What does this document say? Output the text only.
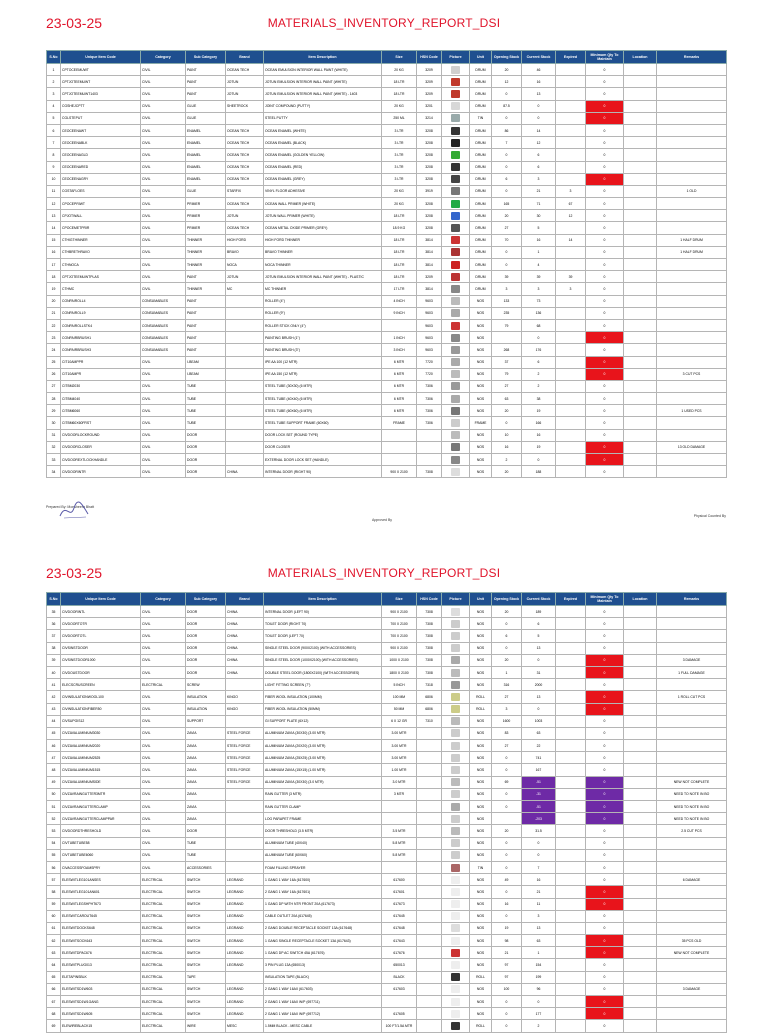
23-03-25	MATERIALS_INVENTORY_REPORT_DSI
S.No	Unique Item Code	Category	Sub Category	Brand	Item Description	Size	HSN Code	Picture	Unit	Opening Stock	Current Stock	Expired	Minimum Qty To Maintain	Location	Remarks
1	CPTOCEEMUWT	CIVIL	PAINT	OCEAN TECH	OCEAN EMULSION INTERIOR WALL PAINT (WHITE)	20 KG	3209		DRUM	20	46		0		
2	CPTJOTEEMUWT	CIVIL	PAINT	JOTUN	JOTUN EMULSION INTERIOR WALL PAINT (WHITE)	18 LTR	3209		DRUM	12	16		0		
3	CPTJOTEEMUWT1403	CIVIL	PAINT	JOTUN	JOTUN EMULSION INTERIOR WALL PAINT (WHITE) - 1403	18 LTR	3209		DRUM	0	13		0		
4	CGSHEJCPTT	CIVIL	GLUE	SHEETROCK	JOINT COMPOUND (PUTTY)	20 KG	3201		DRUM	87.5	0		0		
5	CGLSTEPUT	CIVIL	GLUE		STEEL PUTTY	250 ML	3214		TIN	0	0		0		
6	CEOCEENAWT	CIVIL	ENAMEL	OCEAN TECH	OCEAN ENAMEL (WHITE)	3 LTR	3208		DRUM	86	14		0		
7	CEOCEENABLK	CIVIL	ENAMEL	OCEAN TECH	OCEAN ENAMEL (BLACK)	3 LTR	3208		DRUM	7	12		0		
8	CEOCEENAGLD	CIVIL	ENAMEL	OCEAN TECH	OCEAN ENAMEL (GOLDEN YELLOW)	3 LTR	3208		DRUM	0	6		0		
9	CEOCEENARED	CIVIL	ENAMEL	OCEAN TECH	OCEAN ENAMEL (RED)	3 LTR	3208		DRUM	0	6		0		
10	CEOCEENAGRY	CIVIL	ENAMEL	OCEAN TECH	OCEAN ENAMEL (GREY)	3 LTR	3208		DRUM	6	3		0		
11	CGSTAFLOES	CIVIL	GLUE	STARFIX	VINYL FLOOR ADHESIVE	20 KG	3919		DRUM	0	21	3	0		1 OLD
12	CPOCEPRIWT	CIVIL	PRIMER	OCEAN TECH	OCEAN WALL PRIMER (WHITE)	20 KG	3208		DRUM	165	71	67	0		
13	CPJOTWALL	CIVIL	PRIMER	JOTUN	JOTUN WALL PRIMER (WHITE)	18 LTR	3208		DRUM	20	30	12	0		
14	CPOCEMETPRIR	CIVIL	PRIMER	OCEAN TECH	OCEAN METAL OXIDE PRIMER (GREY)	18.9 KG	3208		DRUM	27	5		0		
15	CTHIGTHINNER	CIVIL	THINNER	HIGH FORD	HIGH FORD THINNER	18 LTR	3814		DRUM	70	16	14	0		1 HALF DRUM
16	CTHBRETHRAVO	CIVIL	THINNER	BRAVO	BRAVO THINNER	18 LTR	3814		DRUM	0	1		0		1 HALF DRUM
17	CTHNOCA	CIVIL	THINNER	NOCA	NOCA THINNER	18 LTR	3814		DRUM	0	4		0		
18	CPTJOTEEMUWTPLAS	CIVIL	PAINT	JOTUN	JOTUN EMULSION INTERIOR WALL PAINT (WHITE) - PLASTIC	18 LTR	3209		DRUM	39	39	39	0		
19	CTHMC	CIVIL	THINNER	MC	MC THINNER	17 LTR	3814		DRUM	3	3	3	0		
20	CONPAIROLL4	CONSUMABLES	PAINT		ROLLER (4")	4 INCH	9603		NOS	133	73		0		
21	CONPAIROLL9	CONSUMABLES	PAINT		ROLLER (9")	9 INCH	9603		NOS	235	136		0		
22	CONPAIROLLSTK4	CONSUMABLES	PAINT		ROLLER STICK ONLY (4")		9603		NOS	79	68		0		
23	CONPAIRBRUSH1	CONSUMABLES	PAINT		PAINTING BRUSH (1")	1 INCH	9603		NOS		0		0		
24	CONPAIRBRUSH3	CONSUMABLES	PAINT		PAINTING BRUSH (3")	3 INCH	9603		NOS	268	176		0		
25	CIT10AMPPR	CIVIL	I-BEAM		IPE AA 100 (12 MTR)	6 MTR	7720		NOS	37	6		0		
26	CIT10AMPR	CIVIL	I-BEAM		IPE AA 150 (12 MTR)	6 MTR	7720		NOS	79	2		0		3 CUT PCS
27	CITBM2030	CIVIL	TUBE		STEEL TUBE (30X30) (6 MTR)	6 MTR	7306		NOS	27	2		0		
28	CITBM4040	CIVIL	TUBE		STEEL TUBE (40X40) (6 MTR)	6 MTR	7306		NOS	63	38		0		
29	CITBM6060	CIVIL	TUBE		STEEL TUBE (60X60) (6 MTR)	6 MTR	7306		NOS	20	19		0		1 USED PCS
30	CITBM60X60FRST	CIVIL	TUBE		STEEL TUBE SUPPORT FRAME (60X60)	FRAME	7306		FRAME	0	166		0		
31	CIVDOORLOCKROUND	CIVIL	DOOR		DOOR LOCK SET (ROUND TYPE)				NOS	10	16		0		
32	CIVDOORCLOSER	CIVIL	DOOR		DOOR CLOSER				NOS	16	19		0		13 OLD DAMAGE
33	CIVDOOREXTLOCKHANDLE	CIVIL	DOOR		EXTERNAL DOOR LOCK SET (HANDLE)				NOS	2	0		0		
34	CIVDOORINTR	CIVIL	DOOR	CHINA	INTERNAL DOOR (RIGHT 90)	900 X 2100	7308		NOS	20	188		0		
Prepared By: Monsheera Bhatt
Approved By
Physical Counted By
23-03-25	MATERIALS_INVENTORY_REPORT_DSI
S.No	Unique Item Code	Category	Sub Category	Brand	Item Description	Size	HSN Code	Picture	Unit	Opening Stock	Current Stock	Expired	Minimum Qty To Maintain	Location	Remarks
35	CIVDOORINTL	CIVIL	DOOR	CHINA	INTERNAL DOOR (LEFT 90)	900 X 2100	7308		NOS	20	189		0		
36	CIVDOORTOTR	CIVIL	DOOR	CHINA	TOILET DOOR (RIGHT 70)	700 X 2100	7308		NOS	0	6		0		
37	CIVDOORTOTL	CIVIL	DOOR	CHINA	TOILET DOOR (LEFT 70)	700 X 2100	7308		NOS	6	5		0		
38	CIVSINSTDOOR	CIVIL	DOOR	CHINA	SINGLE STEEL DOOR (900X2100) (WITH ACCESSORIES)	900 X 2100	7308		NOS	0	13		0		
39	CIVSINSTDOOR1000	CIVIL	DOOR	CHINA	SINGLE STEEL DOOR (1000X2100) (WITH ACCESSORIES)	1000 X 2100	7308		NOS	20	0		0		3 DAMAGE
40	CIVDOUSTDOOR	CIVIL	DOOR	CHINA	DOUBLE STEEL DOOR (1800X2100) (WITH ACCESSORIES)	1800 X 2100	7308		NOS	1	31		0		1 FULL DAMAGE
41	ELECSCRUSCREEN	ELECTRICAL	SCREW		LIGHT FITTING SCREEN (7")	5 INCH	7318		NOS	316	2000		0		
42	CIVINSULATIONWOOL100	CIVIL	INSULATION	KINGO	FIBER WOOL INSULATION (100MM)	100 MM	6806		ROLL	27	13		0		1 ROLL CUT PCS
43	CIVINSULATIONFIBER50	CIVIL	INSULATION	KINGO	FIBER WOOL INSULATION (50MM)	50 MM	6806		ROLL	3	0		0		
44	CIVSUPGIS12	CIVIL	SUPPORT		GI SUPPORT PLATE (6X12)	6 X 12 GR	7310		NOS	1600	1003		0		
45	CIVZAVALUMINIUM3030	CIVIL	ZAVIA	STEEL FORCE	ALUMINIUM ZAVIA (30X30) (3.00 MTR)	3.00 MTR			NOS	83	63		0		
46	CIVZAVALUMINIUM2020	CIVIL	ZAVIA	STEEL FORCE	ALUMINIUM ZAVIA (20X20) (3.00 MTR)	3.00 MTR			NOS	27	22		0		
47	CIVZAVALUMINIUM2525	CIVIL	ZAVIA	STEEL FORCE	ALUMINIUM ZAVIA (25X25) (3.00 MTR)	3.00 MTR			NOS	0	741		0		
48	CIVZAVALUMINIUM1515	CIVIL	ZAVIA	STEEL FORCE	ALUMINIUM ZAVIA (15X15) (1.00 MTR)	1.00 MTR			NOS	0	167		0		
49	CIVZAVALUMINIUMSIDE	CIVIL	ZAVIA	STEEL FORCE	ALUMINIUM ZAVIA (30X30) (3.0 MTR)	3.0 MTR			NOS	69	-51		0		NEW NOT COMPLETE
50	CIVZAVRAINGUTTER3MTR	CIVIL	ZAVIA		RAIN GUTTER (3 MTR)	3 MTR			NOS	0	-31		0		NEED TO NOTE IN BO
51	CIVZAVRAINGUTTERCLAMP	CIVIL	ZAVIA		RAIN GUTTER CLAMP				NOS	0	-51		0		NEED TO NOTE IN BO
52	CIVZAVRAINGUTTERCLAMPPAR	CIVIL	ZAVIA		LOG PARAPET FRAME				NOS		-203		0		NEED TO NOTE IN BO
53	CIVDOORDTHRESHOLD	CIVIL	DOOR		DOOR THRESHOLD (3.5 MTR)	3.5 MTR			NOS	20	31.5		0		2.5 CUT PCS
54	CIVTUBETUBE58	CIVIL	TUBE		ALUMINIUM TUBE (40X40)	5.8 MTR			NOS	0	0		0		
55	CIVTUBETUBE6060	CIVIL	TUBE		ALUMINIUM TUBE (60X60)	5.8 MTR			NOS	0	0		0		
56	CIVACCESSFOAMSPRY	CIVIL	ACCESSORIES		FOAM FILLING SPRAYER				TIN	0	7		0		
57	ELESWITLEG101ANSES	ELECTRICAL	SWITCH	LEGRAND	1 GANG 1 WAY 16A (617600)	617600			NOS	49	16		0		6 DAMAGE
58	ELESWITLEG101AN601	ELECTRICAL	SWITCH	LEGRAND	2 GANG 1 WAY 16A (617601)	617601			NOS	0	21		0		
59	ELESWITLEGSHPHT673	ELECTRICAL	SWITCH	LEGRAND	1 GANG DP WITH NTR FRONT 20A (617673)	617673			NOS	16	11		0		
60	ELESWITCAROUT645	ELECTRICAL	SWITCH	LEGRAND	CABLE OUTLET 20A (617645)	617645			NOS	0	3		0		
61	ELESWITDOCKS648	ELECTRICAL	SWITCH	LEGRAND	2 GANG DOUBLE RECEPTACLE SOCKET 13A (617648)	617648			NOS	19	13		0		
62	ELESWITSOCK643	ELECTRICAL	SWITCH	LEGRAND	1 GANG SINGLE RECEPTACLE SOCKET 13A (617643)	617643			NOS	98	63		0		35 PCS OLD
63	ELESWITDPAC676	ELECTRICAL	SWITCH	LEGRAND	1 GANG DP AC SWITCH 45A (617676)	617676			NOS	21	1		0		NEW NOT COMPLETE
64	ELESWITPLUG013	ELECTRICAL	SWITCH	LEGRAND	3 PIN PLUG 13A (650013)	650013			NOS	97	154		0		
65	ELETAPINSBLK	ELECTRICAL	TAPE		INSULATION TAPE (BLACK)	BLACK			ROLL	97	199		0		
66	ELESWITSD1W603	ELECTRICAL	SWITCH	LEGRAND	2 GANG 1 WAY 16AX (617603)	617603			NOS	100	96		0		3 DAMAGE
67	ELESWITSD1W1GANG	ELECTRICAL	SWITCH	LEGRAND	2 GANG 1 WAY 16AX W/P (697711)				NOS	0	0		0		
68	ELESWITSD1W605	ELECTRICAL	SWITCH	LEGRAND	2 GANG 1 WAY 16AX W/P (697712)	617605			NOS	0	177		0		
69	ELEWIREBLACK15	ELECTRICAL	WIRE	MESC	1.5MM BLACK - MESC CABLE	100 FT/1.5A MTR			ROLL	0	2		0		
